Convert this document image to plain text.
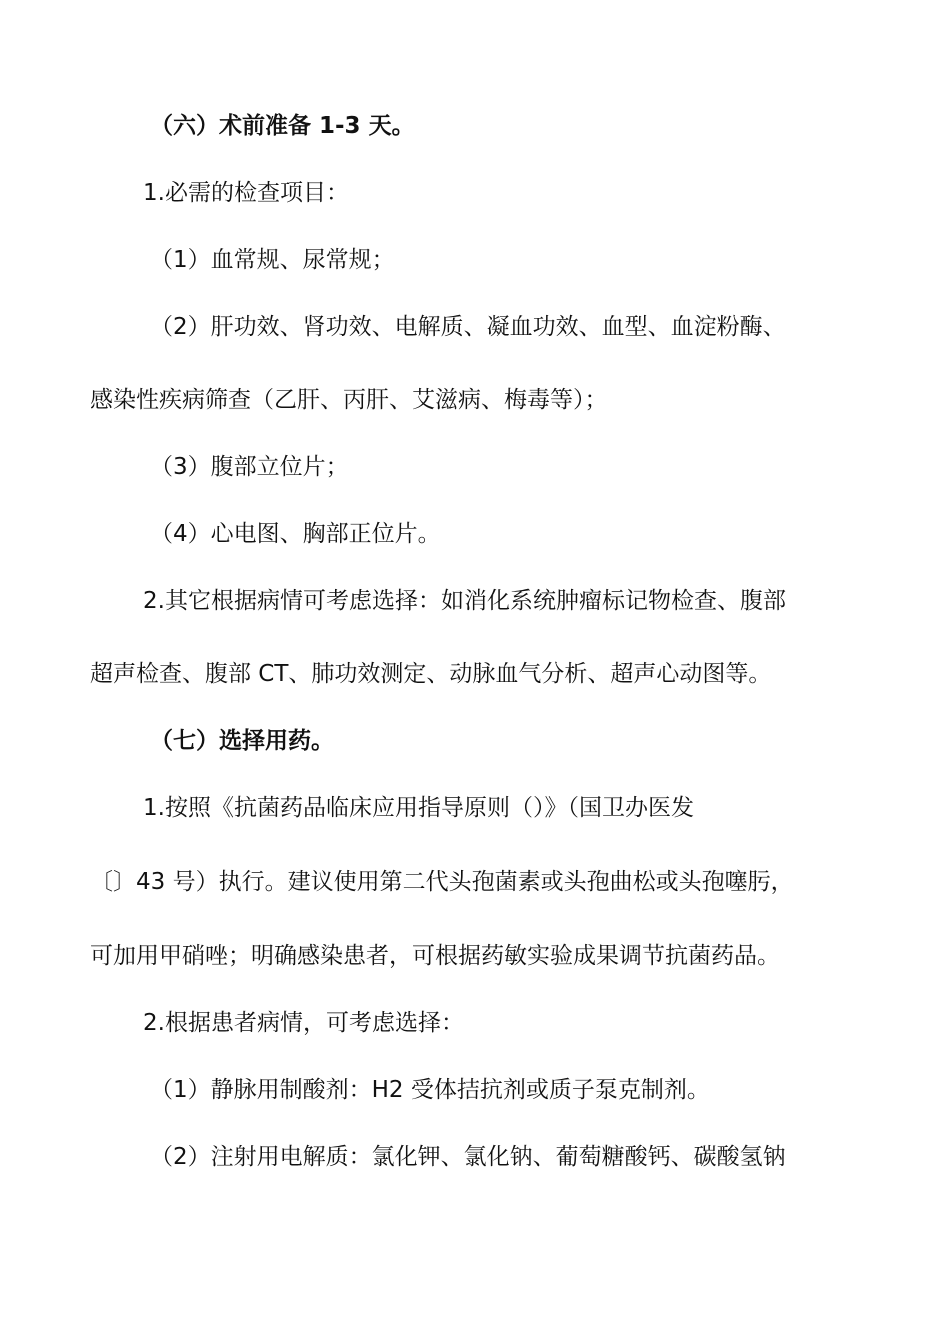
（六）术前准备 1-3 天。
1.必需的检查项目：
（1）血常规、尿常规；
（2）肝功效、肾功效、电解质、凝血功效、血型、血淀粉酶、
感染性疾病筛查（乙肝、丙肝、艾滋病、梅毒等）；
（3）腹部立位片；
（4）心电图、胸部正位片。
2.其它根据病情可考虑选择：如消化系统肿瘤标记物检查、腹部
超声检查、腹部 CT、肺功效测定、动脉血气分析、超声心动图等。
（七）选择用药。
1.按照《抗菌药品临床应用指导原则（）》（国卫办医发
〔〕43 号）执行。建议使用第二代头孢菌素或头孢曲松或头孢噻肟，
可加用甲硝唑；明确感染患者，可根据药敏实验成果调节抗菌药品。
2.根据患者病情，可考虑选择：
（1）静脉用制酸剂：H2 受体拮抗剂或质子泵克制剂。
（2）注射用电解质：氯化钾、氯化钠、葡萄糖酸钙、碳酸氢钠
